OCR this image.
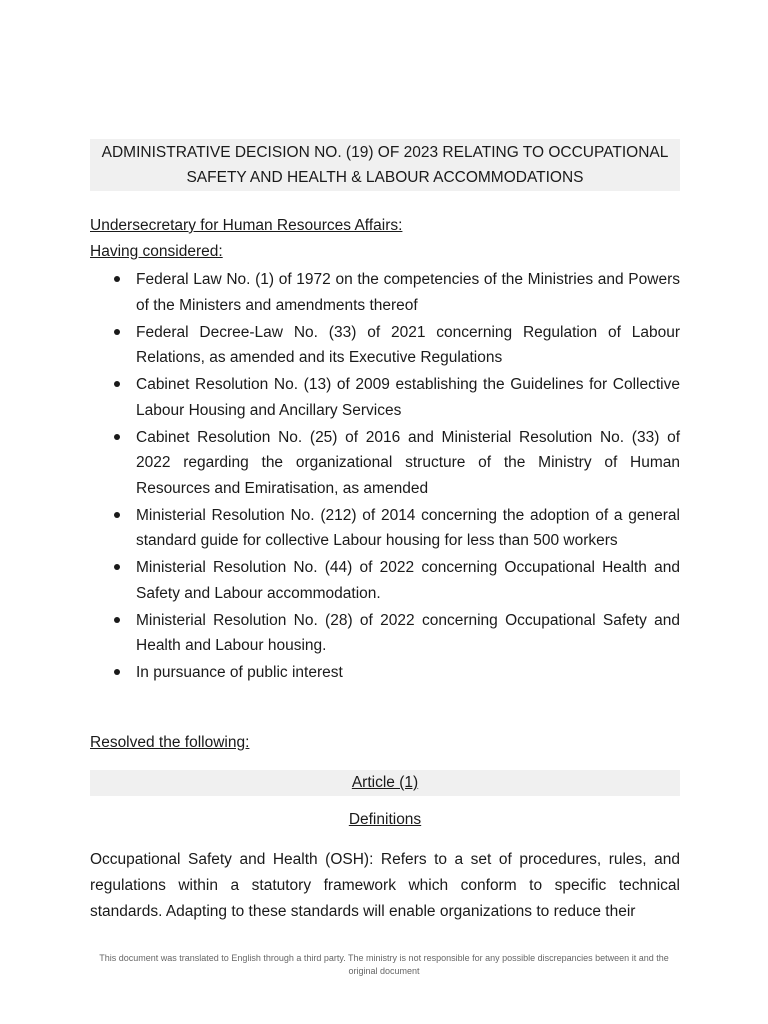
ADMINISTRATIVE DECISION NO. (19) OF 2023 RELATING TO OCCUPATIONAL
SAFETY AND HEALTH & LABOUR ACCOMMODATIONS
Undersecretary for Human Resources Affairs:
Having considered:
Federal Law No. (1) of 1972 on the competencies of the Ministries and Powers of the Ministers and amendments thereof
Federal Decree-Law No. (33) of 2021 concerning Regulation of Labour Relations, as amended and its Executive Regulations
Cabinet Resolution No. (13) of 2009 establishing the Guidelines for Collective Labour Housing and Ancillary Services
Cabinet Resolution No. (25) of 2016 and Ministerial Resolution No. (33) of 2022 regarding the organizational structure of the Ministry of Human Resources and Emiratisation, as amended
Ministerial Resolution No. (212) of 2014 concerning the adoption of a general standard guide for collective Labour housing for less than 500 workers
Ministerial Resolution No. (44) of 2022 concerning Occupational Health and Safety and Labour accommodation.
Ministerial Resolution No. (28) of 2022 concerning Occupational Safety and Health and Labour housing.
In pursuance of public interest
Resolved the following:
Article (1)
Definitions
Occupational Safety and Health (OSH): Refers to a set of procedures, rules, and regulations within a statutory framework which conform to specific technical standards. Adapting to these standards will enable organizations to reduce their
This document was translated to English through a third party. The ministry is not responsible for any possible discrepancies between it and the
original document
